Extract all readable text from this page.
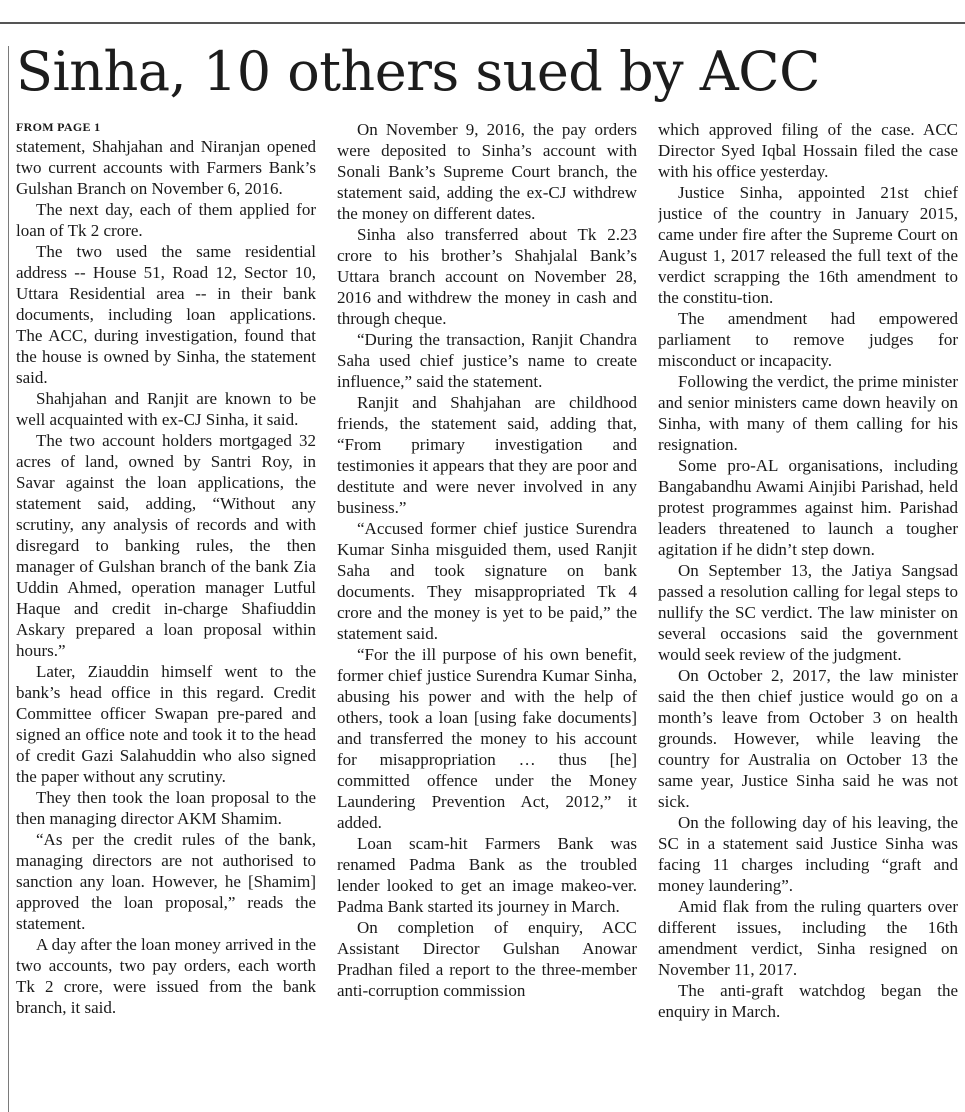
Sinha, 10 others sued by ACC
FROM PAGE 1

statement, Shahjahan and Niranjan opened two current accounts with Farmers Bank’s Gulshan Branch on November 6, 2016.

The next day, each of them applied for loan of Tk 2 crore.

The two used the same residential address -- House 51, Road 12, Sector 10, Uttara Residential area -- in their bank documents, including loan applications. The ACC, during investigation, found that the house is owned by Sinha, the statement said.

Shahjahan and Ranjit are known to be well acquainted with ex-CJ Sinha, it said.

The two account holders mortgaged 32 acres of land, owned by Santri Roy, in Savar against the loan applications, the statement said, adding, “Without any scrutiny, any analysis of records and with disregard to banking rules, the then manager of Gulshan branch of the bank Zia Uddin Ahmed, operation manager Lutful Haque and credit in-charge Shafiuddin Askary prepared a loan proposal within hours.”

Later, Ziauddin himself went to the bank’s head office in this regard. Credit Committee officer Swapan pre-pared and signed an office note and took it to the head of credit Gazi Salahuddin who also signed the paper without any scrutiny.

They then took the loan proposal to the then managing director AKM Shamim.

“As per the credit rules of the bank, managing directors are not authorised to sanction any loan. However, he [Shamim] approved the loan proposal,” reads the statement.

A day after the loan money arrived in the two accounts, two pay orders, each worth Tk 2 crore, were issued from the bank branch, it said.

On November 9, 2016, the pay orders were deposited to Sinha’s account with Sonali Bank’s Supreme Court branch, the statement said, adding the ex-CJ withdrew the money on different dates.

Sinha also transferred about Tk 2.23 crore to his brother’s Shahjalal Bank’s Uttara branch account on November 28, 2016 and withdrew the money in cash and through cheque.

“During the transaction, Ranjit Chandra Saha used chief justice’s name to create influence,” said the statement.

Ranjit and Shahjahan are childhood friends, the statement said, adding that, “From primary investigation and testimonies it appears that they are poor and destitute and were never involved in any business.”

“Accused former chief justice Surendra Kumar Sinha misguided them, used Ranjit Saha and took signature on bank documents. They misappropriated Tk 4 crore and the money is yet to be paid,” the statement said.

“For the ill purpose of his own benefit, former chief justice Surendra Kumar Sinha, abusing his power and with the help of others, took a loan [using fake documents] and transferred the money to his account for misappropriation … thus [he] committed offence under the Money Laundering Prevention Act, 2012,” it added.

Loan scam-hit Farmers Bank was renamed Padma Bank as the troubled lender looked to get an image makeo-ver. Padma Bank started its journey in March.

On completion of enquiry, ACC Assistant Director Gulshan Anowar Pradhan filed a report to the three-member anti-corruption commission

which approved filing of the case. ACC Director Syed Iqbal Hossain filed the case with his office yesterday.

Justice Sinha, appointed 21st chief justice of the country in January 2015, came under fire after the Supreme Court on August 1, 2017 released the full text of the verdict scrapping the 16th amendment to the constitu-tion.

The amendment had empowered parliament to remove judges for misconduct or incapacity.

Following the verdict, the prime minister and senior ministers came down heavily on Sinha, with many of them calling for his resignation.

Some pro-AL organisations, including Bangabandhu Awami Ainjibi Parishad, held protest programmes against him. Parishad leaders threatened to launch a tougher agitation if he didn’t step down.

On September 13, the Jatiya Sangsad passed a resolution calling for legal steps to nullify the SC verdict. The law minister on several occasions said the government would seek review of the judgment.

On October 2, 2017, the law minister said the then chief justice would go on a month’s leave from October 3 on health grounds. However, while leaving the country for Australia on October 13 the same year, Justice Sinha said he was not sick.

On the following day of his leaving, the SC in a statement said Justice Sinha was facing 11 charges including “graft and money laundering”.

Amid flak from the ruling quarters over different issues, including the 16th amendment verdict, Sinha resigned on November 11, 2017.

The anti-graft watchdog began the enquiry in March.
